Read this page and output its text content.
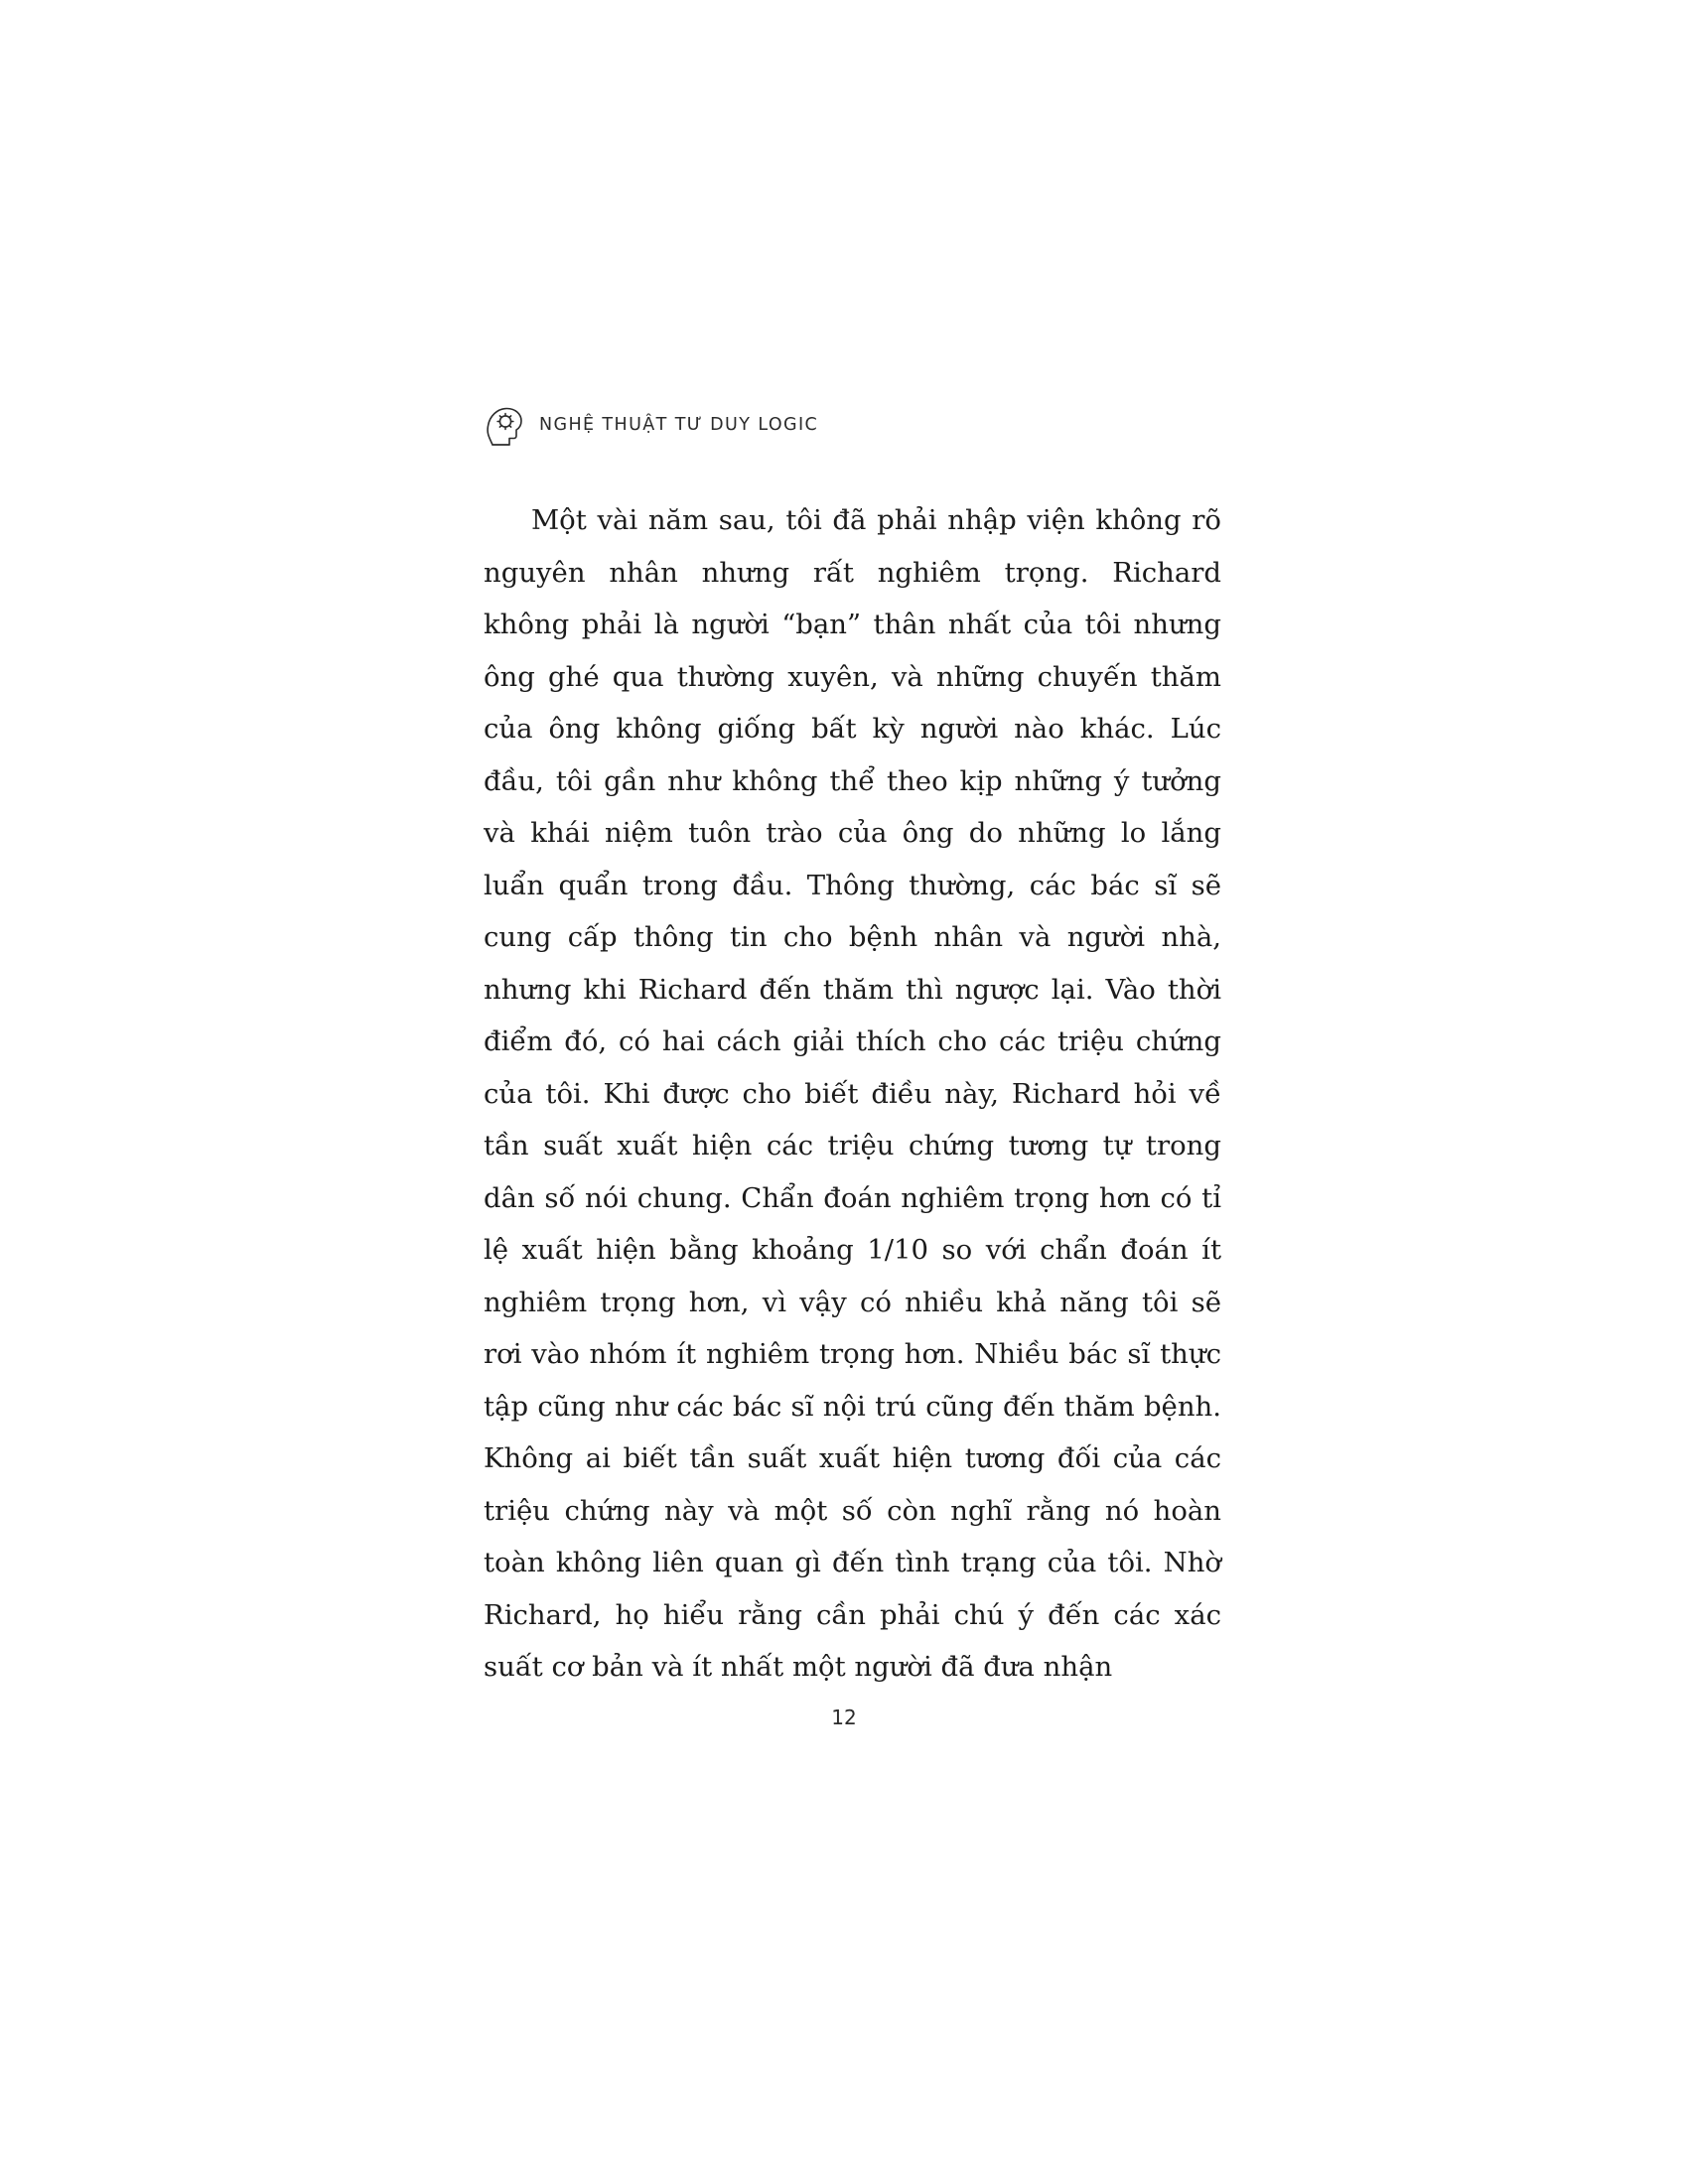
NGHỆ THUẬT TƯ DUY LOGIC

Một vài năm sau, tôi đã phải nhập viện không rõ nguyên nhân nhưng rất nghiêm trọng. Richard không phải là người “bạn” thân nhất của tôi nhưng ông ghé qua thường xuyên, và những chuyến thăm của ông không giống bất kỳ người nào khác. Lúc đầu, tôi gần như không thể theo kịp những ý tưởng và khái niệm tuôn trào của ông do những lo lắng luẩn quẩn trong đầu. Thông thường, các bác sĩ sẽ cung cấp thông tin cho bệnh nhân và người nhà, nhưng khi Richard đến thăm thì ngược lại. Vào thời điểm đó, có hai cách giải thích cho các triệu chứng của tôi. Khi được cho biết điều này, Richard hỏi về tần suất xuất hiện các triệu chứng tương tự trong dân số nói chung. Chẩn đoán nghiêm trọng hơn có tỉ lệ xuất hiện bằng khoảng 1/10 so với chẩn đoán ít nghiêm trọng hơn, vì vậy có nhiều khả năng tôi sẽ rơi vào nhóm ít nghiêm trọng hơn. Nhiều bác sĩ thực tập cũng như các bác sĩ nội trú cũng đến thăm bệnh. Không ai biết tần suất xuất hiện tương đối của các triệu chứng này và một số còn nghĩ rằng nó hoàn toàn không liên quan gì đến tình trạng của tôi. Nhờ Richard, họ hiểu rằng cần phải chú ý đến các xác suất cơ bản và ít nhất một người đã đưa nhận

12
